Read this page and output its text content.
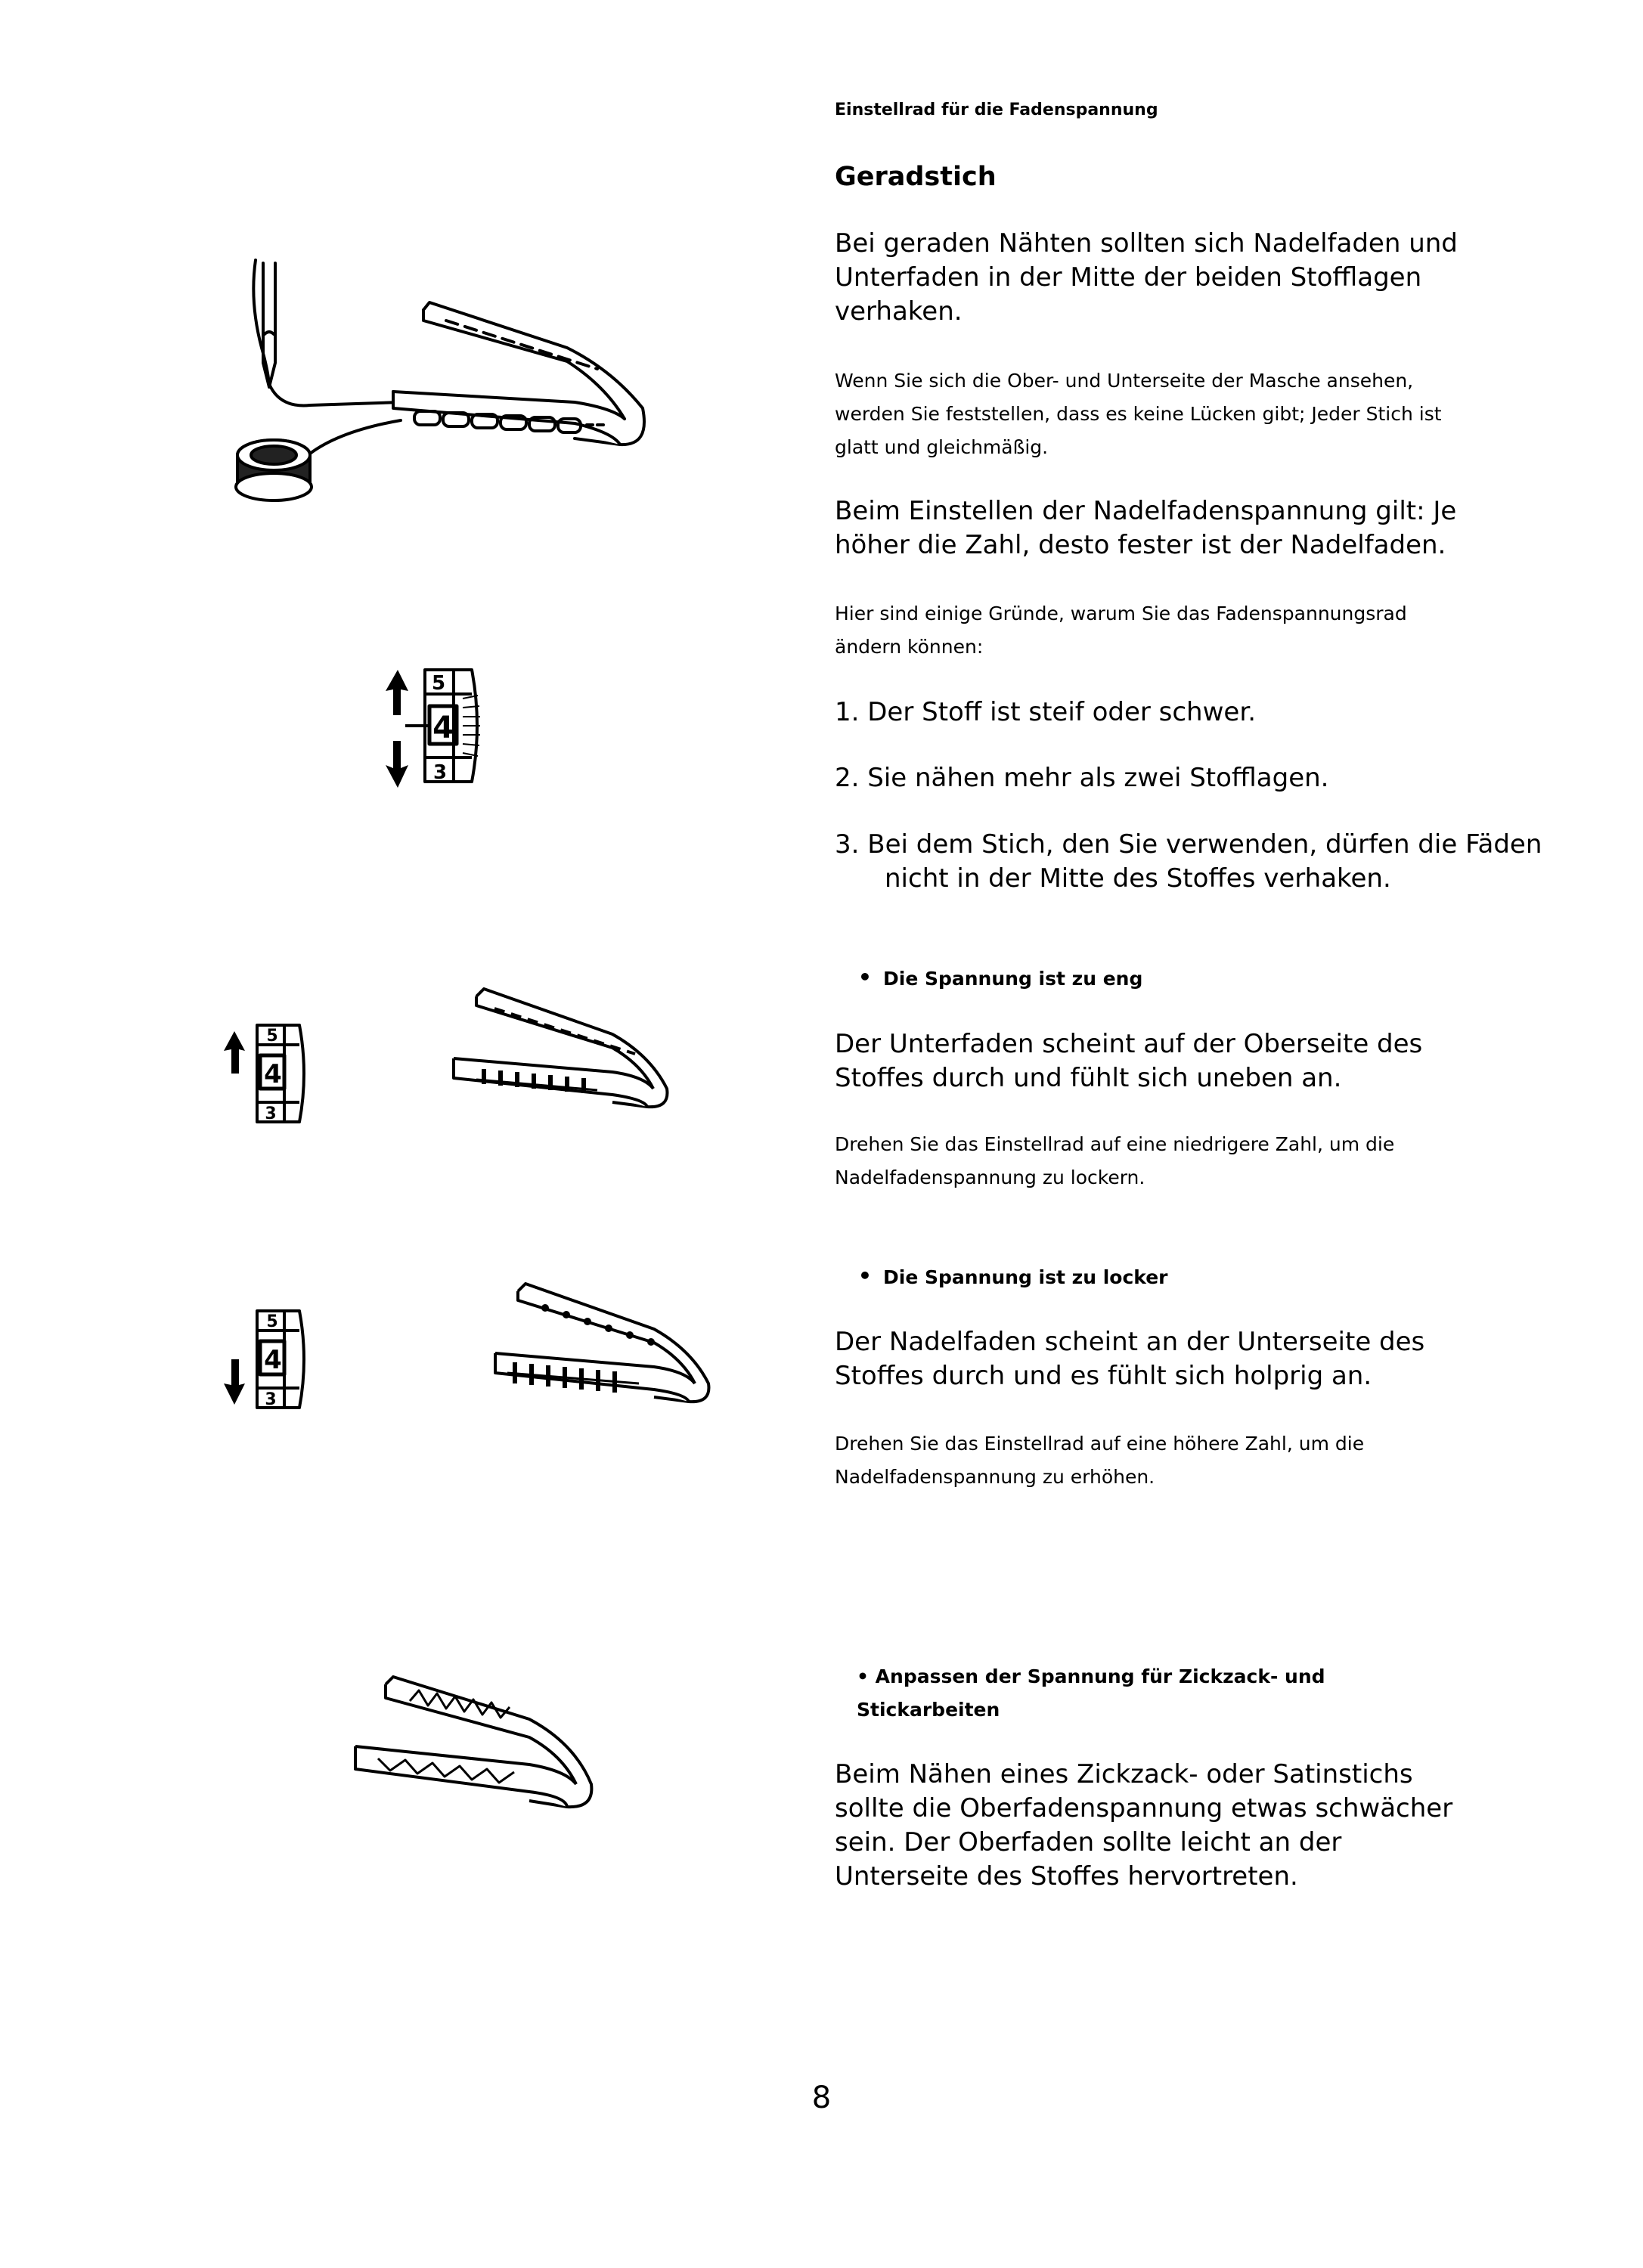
Einstellrad für die Fadenspannung
Geradstich
Bei geraden Nähten sollten sich Nadelfaden und Unterfaden in der Mitte der beiden Stofflagen verhaken.
Wenn Sie sich die Ober- und Unterseite der Masche ansehen, werden Sie feststellen, dass es keine Lücken gibt; Jeder Stich ist glatt und gleichmäßig.
Beim Einstellen der Nadelfadenspannung gilt: Je höher die Zahl, desto fester ist der Nadelfaden.
Hier sind einige Gründe, warum Sie das Fadenspannungsrad ändern können:
1. Der Stoff ist steif oder schwer.
2. Sie nähen mehr als zwei Stofflagen.
3. Bei dem Stich, den Sie verwenden, dürfen die Fäden nicht in der Mitte des Stoffes verhaken.
• Die Spannung ist zu eng
Der Unterfaden scheint auf der Oberseite des Stoffes durch und fühlt sich uneben an.
Drehen Sie das Einstellrad auf eine niedrigere Zahl, um die Nadelfadenspannung zu lockern.
• Die Spannung ist zu locker
Der Nadelfaden scheint an der Unterseite des Stoffes durch und es fühlt sich holprig an.
Drehen Sie das Einstellrad auf eine höhere Zahl, um die Nadelfadenspannung zu erhöhen.
• Anpassen der Spannung für Zickzack- und Stickarbeiten
Beim Nähen eines Zickzack- oder Satinstichs sollte die Oberfadenspannung etwas schwächer sein. Der Oberfaden sollte leicht an der Unterseite des Stoffes hervortreten.
8
5
4
3
5
4
3
5
4
3
